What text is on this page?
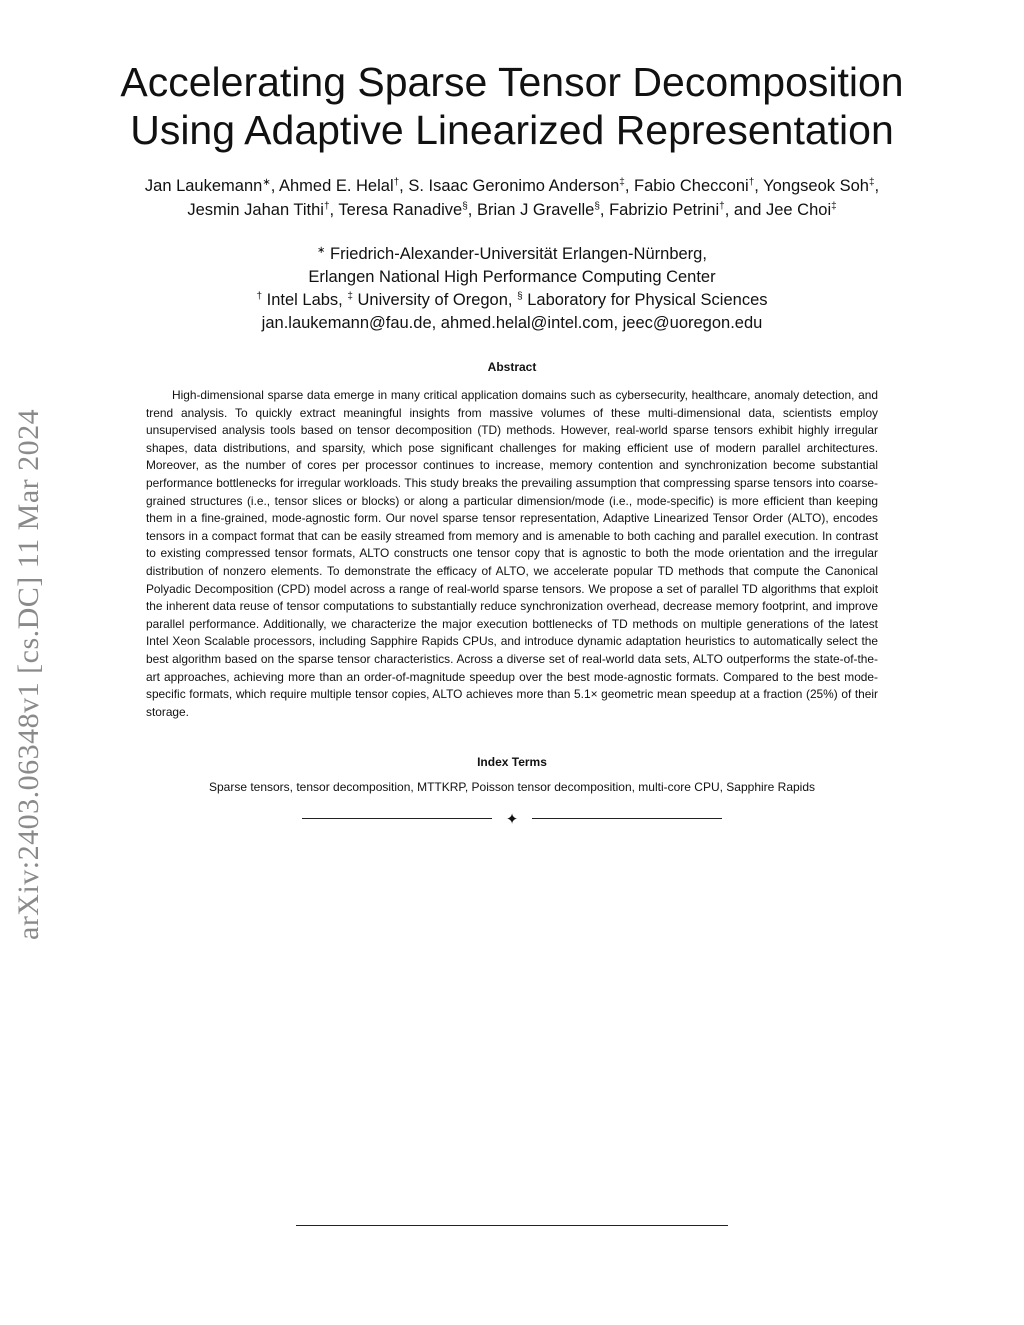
arXiv:2403.06348v1 [cs.DC] 11 Mar 2024
Accelerating Sparse Tensor Decomposition
Using Adaptive Linearized Representation
Jan Laukemann∗, Ahmed E. Helal†, S. Isaac Geronimo Anderson‡, Fabio Checconi†, Yongseok Soh‡,
Jesmin Jahan Tithi†, Teresa Ranadive§, Brian J Gravelle§, Fabrizio Petrini†, and Jee Choi‡
∗ Friedrich-Alexander-Universität Erlangen-Nürnberg,
Erlangen National High Performance Computing Center
† Intel Labs, ‡ University of Oregon, § Laboratory for Physical Sciences
jan.laukemann@fau.de, ahmed.helal@intel.com, jeec@uoregon.edu
Abstract

High-dimensional sparse data emerge in many critical application domains such as cybersecurity, healthcare, anomaly detection, and trend analysis. To quickly extract meaningful insights from massive volumes of these multi-dimensional data, scientists employ unsupervised analysis tools based on tensor decomposition (TD) methods. However, real-world sparse tensors exhibit highly irregular shapes, data distributions, and sparsity, which pose significant challenges for making efficient use of modern parallel architectures. Moreover, as the number of cores per processor continues to increase, memory contention and synchronization become substantial performance bottlenecks for irregular workloads. This study breaks the prevailing assumption that compressing sparse tensors into coarse-grained structures (i.e., tensor slices or blocks) or along a particular dimension/mode (i.e., mode-specific) is more efficient than keeping them in a fine-grained, mode-agnostic form. Our novel sparse tensor representation, Adaptive Linearized Tensor Order (ALTO), encodes tensors in a compact format that can be easily streamed from memory and is amenable to both caching and parallel execution. In contrast to existing compressed tensor formats, ALTO constructs one tensor copy that is agnostic to both the mode orientation and the irregular distribution of nonzero elements. To demonstrate the efficacy of ALTO, we accelerate popular TD methods that compute the Canonical Polyadic Decomposition (CPD) model across a range of real-world sparse tensors. We propose a set of parallel TD algorithms that exploit the inherent data reuse of tensor computations to substantially reduce synchronization overhead, decrease memory footprint, and improve parallel performance. Additionally, we characterize the major execution bottlenecks of TD methods on multiple generations of the latest Intel Xeon Scalable processors, including Sapphire Rapids CPUs, and introduce dynamic adaptation heuristics to automatically select the best algorithm based on the sparse tensor characteristics. Across a diverse set of real-world data sets, ALTO outperforms the state-of-the-art approaches, achieving more than an order-of-magnitude speedup over the best mode-agnostic formats. Compared to the best mode-specific formats, which require multiple tensor copies, ALTO achieves more than 5.1× geometric mean speedup at a fraction (25%) of their storage.

Index Terms
Sparse tensors, tensor decomposition, MTTKRP, Poisson tensor decomposition, multi-core CPU, Sapphire Rapids
✦
